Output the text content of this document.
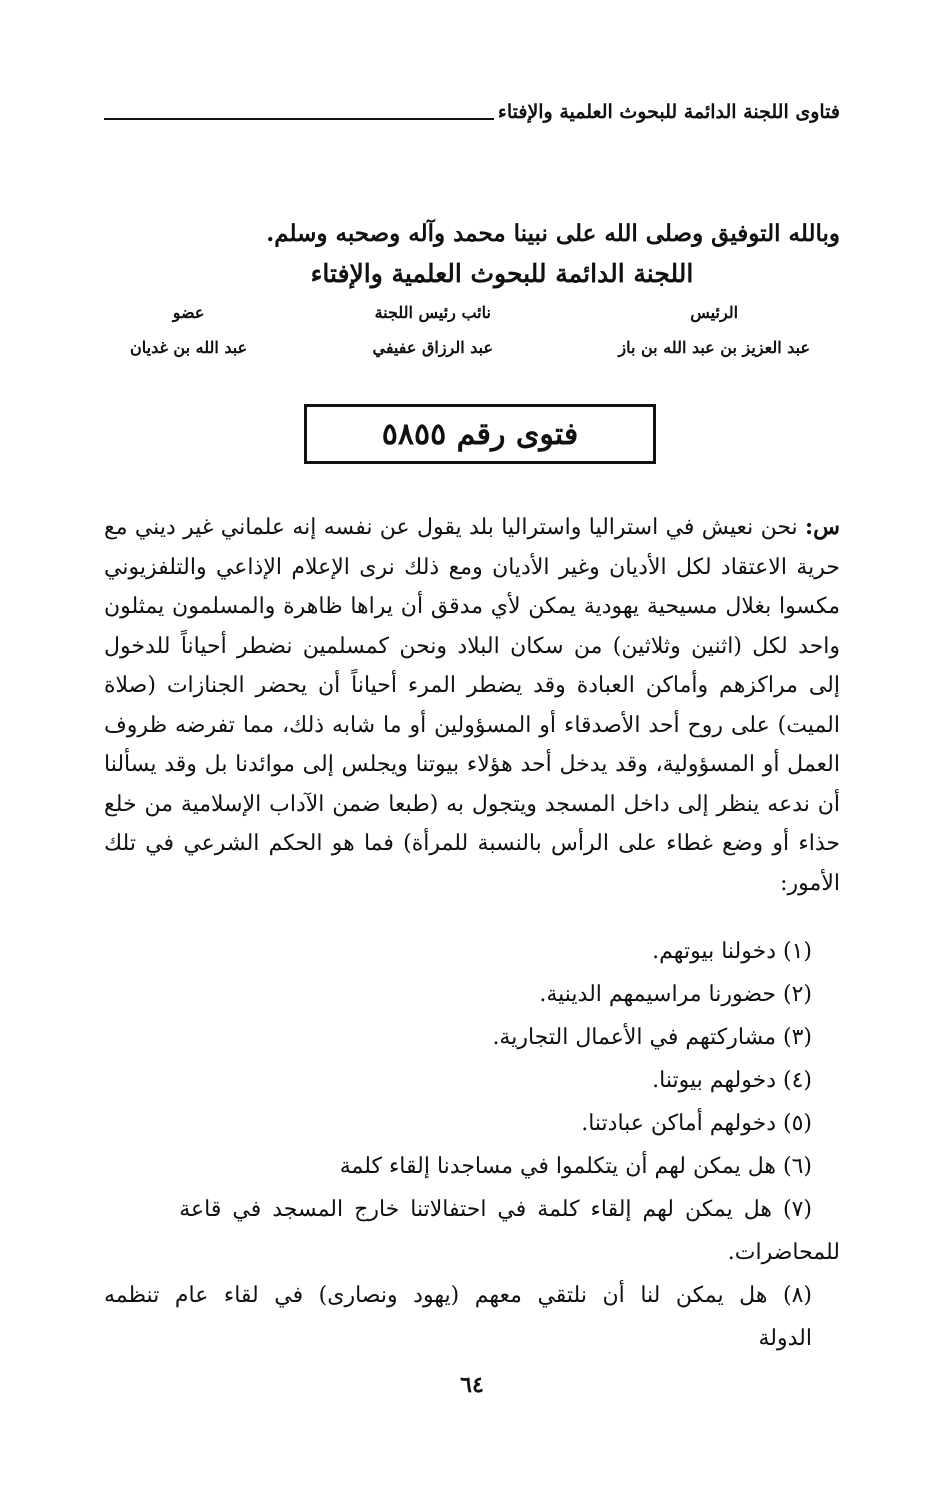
فتاوى اللجنة الدائمة للبحوث العلمية والإفتاء
وبالله التوفيق وصلى الله على نبينا محمد وآله وصحبه وسلم.
اللجنة الدائمة للبحوث العلمية والإفتاء
الرئيس
عبد العزيز بن عبد الله بن باز
نائب رئيس اللجنة
عبد الرزاق عفيفي
عضو
عبد الله بن غديان
فتوى رقم ٥٨٥٥
س: نحن نعيش في استراليا واستراليا بلد يقول عن نفسه إنه علماني غير ديني مع حرية الاعتقاد لكل الأديان وغير الأديان ومع ذلك نرى الإعلام الإذاعي والتلفزيوني مكسوا بغلال مسيحية يهودية يمكن لأي مدقق أن يراها ظاهرة والمسلمون يمثلون واحد لكل (اثنين وثلاثين) من سكان البلاد ونحن كمسلمين نضطر أحياناً للدخول إلى مراكزهم وأماكن العبادة وقد يضطر المرء أحياناً أن يحضر الجنازات (صلاة الميت) على روح أحد الأصدقاء أو المسؤولين أو ما شابه ذلك، مما تفرضه ظروف العمل أو المسؤولية، وقد يدخل أحد هؤلاء بيوتنا ويجلس إلى موائدنا بل وقد يسألنا أن ندعه ينظر إلى داخل المسجد ويتجول به (طبعا ضمن الآداب الإسلامية من خلع حذاء أو وضع غطاء على الرأس بالنسبة للمرأة) فما هو الحكم الشرعي في تلك الأمور:
(١) دخولنا بيوتهم.
(٢) حضورنا مراسيمهم الدينية.
(٣) مشاركتهم في الأعمال التجارية.
(٤) دخولهم بيوتنا.
(٥) دخولهم أماكن عبادتنا.
(٦) هل يمكن لهم أن يتكلموا في مساجدنا إلقاء كلمة
(٧) هل يمكن لهم إلقاء كلمة في احتفالاتنا خارج المسجد في قاعة
للمحاضرات.
(٨) هل يمكن لنا أن نلتقي معهم (يهود ونصارى) في لقاء عام تنظمه الدولة
٦٤
